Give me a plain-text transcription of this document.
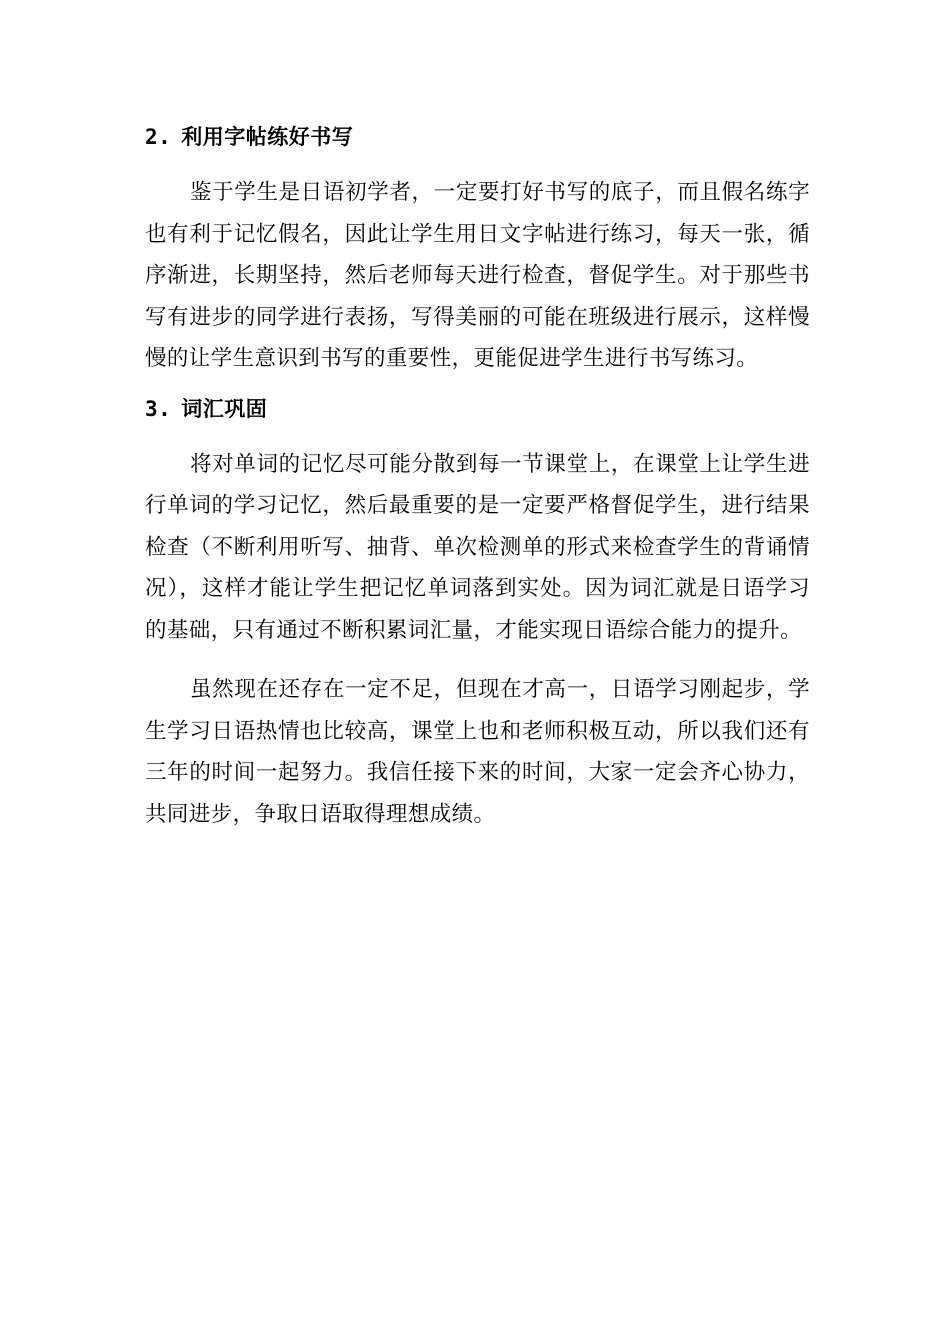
2. 利用字帖练好书写

鉴于学生是日语初学者，一定要打好书写的底子，而且假名练字也有利于记忆假名，因此让学生用日文字帖进行练习，每天一张，循序渐进，长期坚持，然后老师每天进行检查，督促学生。对于那些书写有进步的同学进行表扬，写得美丽的可能在班级进行展示，这样慢慢的让学生意识到书写的重要性，更能促进学生进行书写练习。

3. 词汇巩固

将对单词的记忆尽可能分散到每一节课堂上，在课堂上让学生进行单词的学习记忆，然后最重要的是一定要严格督促学生，进行结果检查（不断利用听写、抽背、单次检测单的形式来检查学生的背诵情况），这样才能让学生把记忆单词落到实处。因为词汇就是日语学习的基础，只有通过不断积累词汇量，才能实现日语综合能力的提升。

虽然现在还存在一定不足，但现在才高一，日语学习刚起步，学生学习日语热情也比较高，课堂上也和老师积极互动，所以我们还有三年的时间一起努力。我信任接下来的时间，大家一定会齐心协力，共同进步，争取日语取得理想成绩。
